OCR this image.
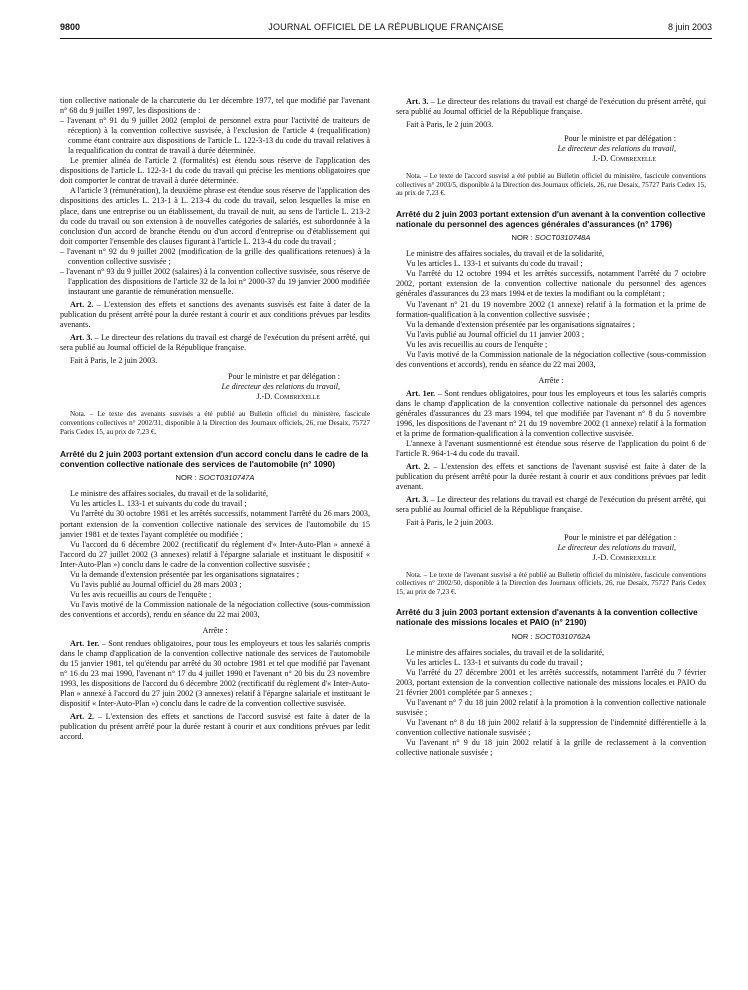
9800	JOURNAL OFFICIEL DE LA RÉPUBLIQUE FRANÇAISE	8 juin 2003

tion collective nationale de la charcuterie du 1er décembre 1977, tel que modifié par l'avenant n° 68 du 9 juillet 1997, les dispositions de :

– l'avenant n° 91 du 9 juillet 2002 (emploi de personnel extra pour l'activité de traiteurs de réception) à la convention collective susvisée, à l'exclusion de l'article 4 (requalification) comme étant contraire aux dispositions de l'article L. 122-3-13 du code du travail relatives à la requalification du contrat de travail à durée déterminée.

Le premier alinéa de l'article 2 (formalités) est étendu sous réserve de l'application des dispositions de l'article L. 122-3-1 du code du travail qui précise les mentions obligatoires que doit comporter le contrat de travail à durée déterminée.

A l'article 3 (rémunération), la deuxième phrase est étendue sous réserve de l'application des dispositions des articles L. 213-1 à L. 213-4 du code du travail, selon lesquelles la mise en place, dans une entreprise ou un établissement, du travail de nuit, au sens de l'article L. 213-2 du code du travail ou son extension à de nouvelles catégories de salariés, est subordonnée à la conclusion d'un accord de branche étendu ou d'un accord d'entreprise ou d'établissement qui doit comporter l'ensemble des clauses figurant à l'article L. 213-4 du code du travail ;

– l'avenant n° 92 du 9 juillet 2002 (modification de la grille des qualifications retenues) à la convention collective susvisée ;

– l'avenant n° 93 du 9 juillet 2002 (salaires) à la convention collective susvisée, sous réserve de l'application des dispositions de l'article 32 de la loi n° 2000-37 du 19 janvier 2000 modifiée instaurant une garantie de rémunération mensuelle.

Art. 2. – L'extension des effets et sanctions des avenants susvisés est faite à dater de la publication du présent arrêté pour la durée restant à courir et aux conditions prévues par lesdits avenants.

Art. 3. – Le directeur des relations du travail est chargé de l'exécution du présent arrêté, qui sera publié au Journal officiel de la République française.

Fait à Paris, le 2 juin 2003.

Pour le ministre et par délégation :

Le directeur des relations du travail,

J.-D. Combrexelle

Nota. – Le texte des avenants susvisés a été publié au Bulletin officiel du ministère, fascicule conventions collectives n° 2002/31, disponible à la Direction des Journaux officiels, 26, rue Desaix, 75727 Paris Cedex 15, au prix de 7,23 €.

Arrêté du 2 juin 2003 portant extension d'un accord conclu dans le cadre de la convention collective nationale des services de l'automobile (n° 1090)
NOR : SOCT0310747A

Le ministre des affaires sociales, du travail et de la solidarité,

Vu les articles L. 133-1 et suivants du code du travail ;

Vu l'arrêté du 30 octobre 1981 et les arrêtés successifs, notamment l'arrêté du 26 mars 2003, portant extension de la convention collective nationale des services de l'automobile du 15 janvier 1981 et de textes l'ayant complétée ou modifiée ;

Vu l'accord du 6 décembre 2002 (rectificatif du règlement d'« Inter-Auto-Plan » annexé à l'accord du 27 juillet 2002 (3 annexes) relatif à l'épargne salariale et instituant le dispositif « Inter-Auto-Plan ») conclu dans le cadre de la convention collective susvisée ;

Vu la demande d'extension présentée par les organisations signataires ;

Vu l'avis publié au Journal officiel du 28 mars 2003 ;

Vu les avis recueillis au cours de l'enquête ;

Vu l'avis motivé de la Commission nationale de la négociation collective (sous-commission des conventions et accords), rendu en séance du 22 mai 2003,

Arrête :

Art. 1er. – Sont rendues obligatoires, pour tous les employeurs et tous les salariés compris dans le champ d'application de la convention collective nationale des services de l'automobile du 15 janvier 1981, tel qu'étendu par arrêté du 30 octobre 1981 et tel que modifié par l'avenant n° 16 du 23 mai 1990, l'avenant n° 17 du 4 juillet 1990 et l'avenant n° 20 bis du 23 novembre 1993, les dispositions de l'accord du 6 décembre 2002 (rectificatif du règlement d'« Inter-Auto-Plan » annexé à l'accord du 27 juin 2002 (3 annexes) relatif à l'épargne salariale et instituant le dispositif « Inter-Auto-Plan ») conclu dans le cadre de la convention collective susvisée.

Art. 2. – L'extension des effets et sanctions de l'accord susvisé est faite à dater de la publication du présent arrêté pour la durée restant à courir et aux conditions prévues par ledit accord.

Art. 3. – Le directeur des relations du travail est chargé de l'exécution du présent arrêté, qui sera publié au Journal officiel de la République française.

Fait à Paris, le 2 juin 2003.

Pour le ministre et par délégation :

Le directeur des relations du travail,

J.-D. Combrexelle

Nota. – Le texte de l'accord susvisé a été publié au Bulletin officiel du ministère, fascicule conventions collectives n° 2003/5, disponible à la Direction des Journaux officiels, 26, rue Desaix, 75727 Paris Cedex 15, au prix de 7,23 €.

Arrêté du 2 juin 2003 portant extension d'un avenant à la convention collective nationale du personnel des agences générales d'assurances (n° 1796)
NOR : SOCT0310748A

Le ministre des affaires sociales, du travail et de la solidarité,

Vu les articles L. 133-1 et suivants du code du travail ;

Vu l'arrêté du 12 octobre 1994 et les arrêtés successifs, notamment l'arrêté du 7 octobre 2002, portant extension de la convention collective nationale du personnel des agences générales d'assurances du 23 mars 1994 et de textes la modifiant ou la complétant ;

Vu l'avenant n° 21 du 19 novembre 2002 (1 annexe) relatif à la formation et la prime de formation-qualification à la convention collective susvisée ;

Vu la demande d'extension présentée par les organisations signataires ;

Vu l'avis publié au Journal officiel du 11 janvier 2003 ;

Vu les avis recueillis au cours de l'enquête ;

Vu l'avis motivé de la Commission nationale de la négociation collective (sous-commission des conventions et accords), rendu en séance du 22 mai 2003,

Arrête :

Art. 1er. – Sont rendues obligatoires, pour tous les employeurs et tous les salariés compris dans le champ d'application de la convention collective nationale du personnel des agences générales d'assurances du 23 mars 1994, tel que modifiée par l'avenant n° 8 du 5 novembre 1996, les dispositions de l'avenant n° 21 du 19 novembre 2002 (1 annexe) relatif à la formation et la prime de formation-qualification à la convention collective susvisée.

L'annexe à l'avenant susmentionné est étendue sous réserve de l'application du point 6 de l'article R. 964-1-4 du code du travail.

Art. 2. – L'extension des effets et sanctions de l'avenant susvisé est faite à dater de la publication du présent arrêté pour la durée restant à courir et aux conditions prévues par ledit avenant.

Art. 3. – Le directeur des relations du travail est chargé de l'exécution du présent arrêté, qui sera publié au Journal officiel de la République française.

Fait à Paris, le 2 juin 2003.

Pour le ministre et par délégation :

Le directeur des relations du travail,

J.-D. Combrexelle

Nota. – Le texte de l'avenant susvisé a été publié au Bulletin officiel du ministère, fascicule conventions collectives n° 2002/50, disponible à la Direction des Journaux officiels, 26, rue Desaix, 75727 Paris Cedex 15, au prix de 7,23 €.

Arrêté du 3 juin 2003 portant extension d'avenants à la convention collective nationale des missions locales et PAIO (n° 2190)
NOR : SOCT0310762A

Le ministre des affaires sociales, du travail et de la solidarité,

Vu les articles L. 133-1 et suivants du code du travail ;

Vu l'arrêté du 27 décembre 2001 et les arrêtés successifs, notamment l'arrêté du 7 février 2003, portant extension de la convention collective nationale des missions locales et PAIO du 21 février 2001 complétée par 5 annexes ;

Vu l'avenant n° 7 du 18 juin 2002 relatif à la promotion à la convention collective nationale susvisée ;

Vu l'avenant n° 8 du 18 juin 2002 relatif à la suppression de l'indemnité différentielle à la convention collective nationale susvisée ;

Vu l'avenant n° 9 du 18 juin 2002 relatif à la grille de reclassement à la convention collective nationale susvisée ;
